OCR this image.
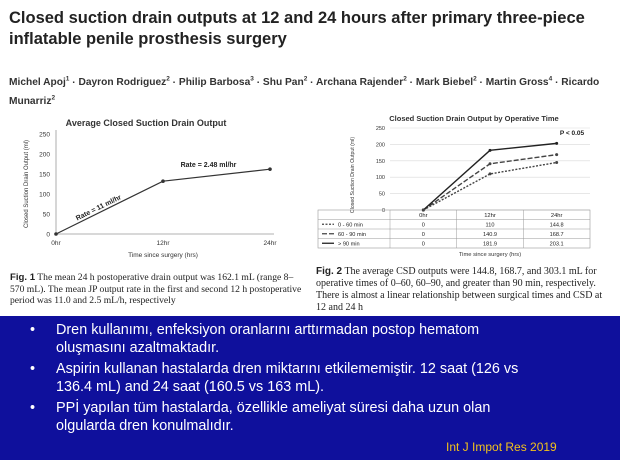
Closed suction drain outputs at 12 and 24 hours after primary three-piece inflatable penile prosthesis surgery
Michel Apoj$^1$ · Dayron Rodriguez$^2$ · Philip Barbosa$^3$ · Shu Pan$^2$ · Archana Rajender$^2$ · Mark Biebel$^2$ · Martin Gross$^4$ · Ricardo Munarriz$^2$
Average Closed Suction Drain Output
0
50
100
150
200
250
0hr	12hr	24hr
Time since surgery (hrs)
Closed Suction Drain Output (ml)	Rate = 11 ml/hr
Rate = 2.48 ml/hr
Closed Suction Drain Output by Operative Time
P < 0.05
0
50
100
150
200
250
Closed Suction Drain Output (ml)
0hr	12hr	24hr
0 - 60 min	0	110	144.8
60 - 90 min	0	140.9	168.7
> 90 min	0	181.9	203.1
Time since surgery (hrs)
Fig. 1 The mean 24 h postoperative drain output was 162.1 mL (range 8–570 mL). The mean JP output rate in the first and second 12 h postoperative period was 11.0 and 2.5 mL/h, respectively
Fig. 2 The average CSD outputs were 144.8, 168.7, and 303.1 mL for operative times of 0–60, 60–90, and greater than 90 min, respectively. There is almost a linear relationship between surgical times and CSD at 12 and 24 h
• Dren kullanımı, enfeksiyon oranlarını arttırmadan postop hematom oluşmasını azaltmaktadır.
• Aspirin kullanan hastalarda dren miktarını etkilememiştir. 12 saat (126 vs 136.4 mL) and 24 saat (160.5 vs 163 mL).
• PPİ yapılan tüm hastalarda, özellikle ameliyat süresi daha uzun olan olgularda dren konulmalıdır.
Int J Impot Res 2019
